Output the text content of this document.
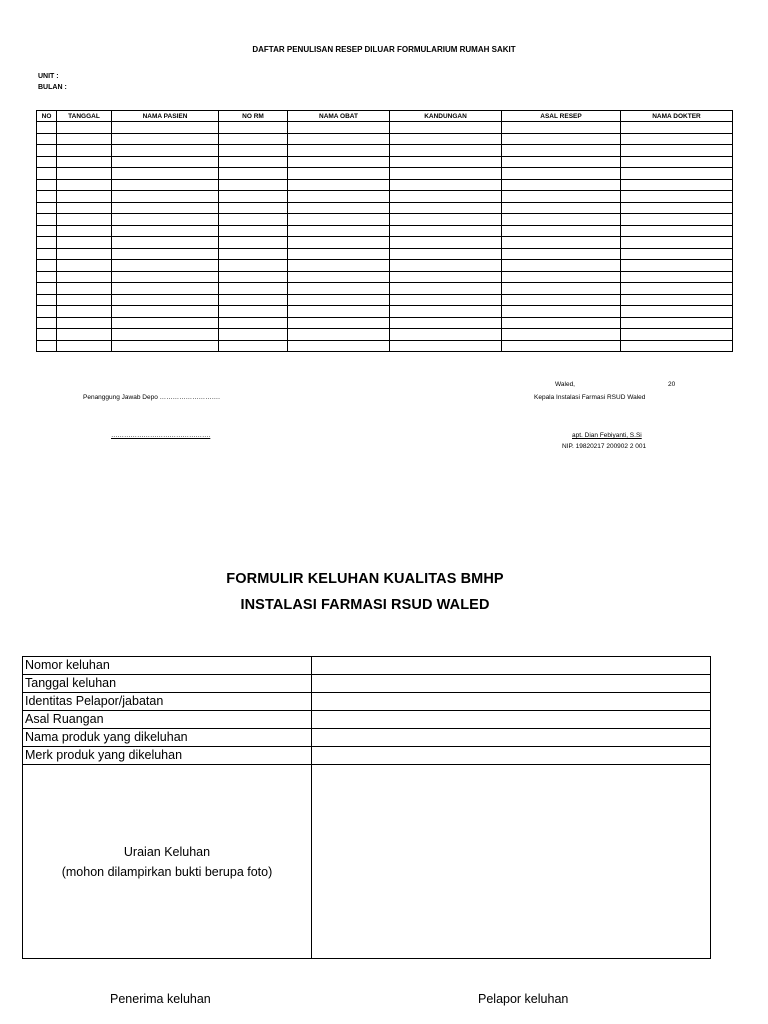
DAFTAR PENULISAN RESEP DILUAR FORMULARIUM RUMAH SAKIT
UNIT :
BULAN :
NO	TANGGAL	NAMA PASIEN	NO RM	NAMA OBAT	KANDUNGAN	ASAL RESEP	NAMA DOKTER

Waled,	20
Penanggung Jawab Depo ……………………….	Kepala Instalasi Farmasi RSUD Waled
……………………………………….	apt. Dian Febiyanti, S.Si
NIP. 19820217 200902 2 001
FORMULIR KELUHAN KUALITAS BMHP
INSTALASI FARMASI RSUD WALED
Nomor keluhan	
Tanggal keluhan	
Identitas Pelapor/jabatan	
Asal Ruangan	
Nama produk yang dikeluhan	
Merk produk yang dikeluhan	

Uraian Keluhan
(mohon dilampirkan bukti berupa foto)	

Penerima keluhan	Pelapor keluhan
